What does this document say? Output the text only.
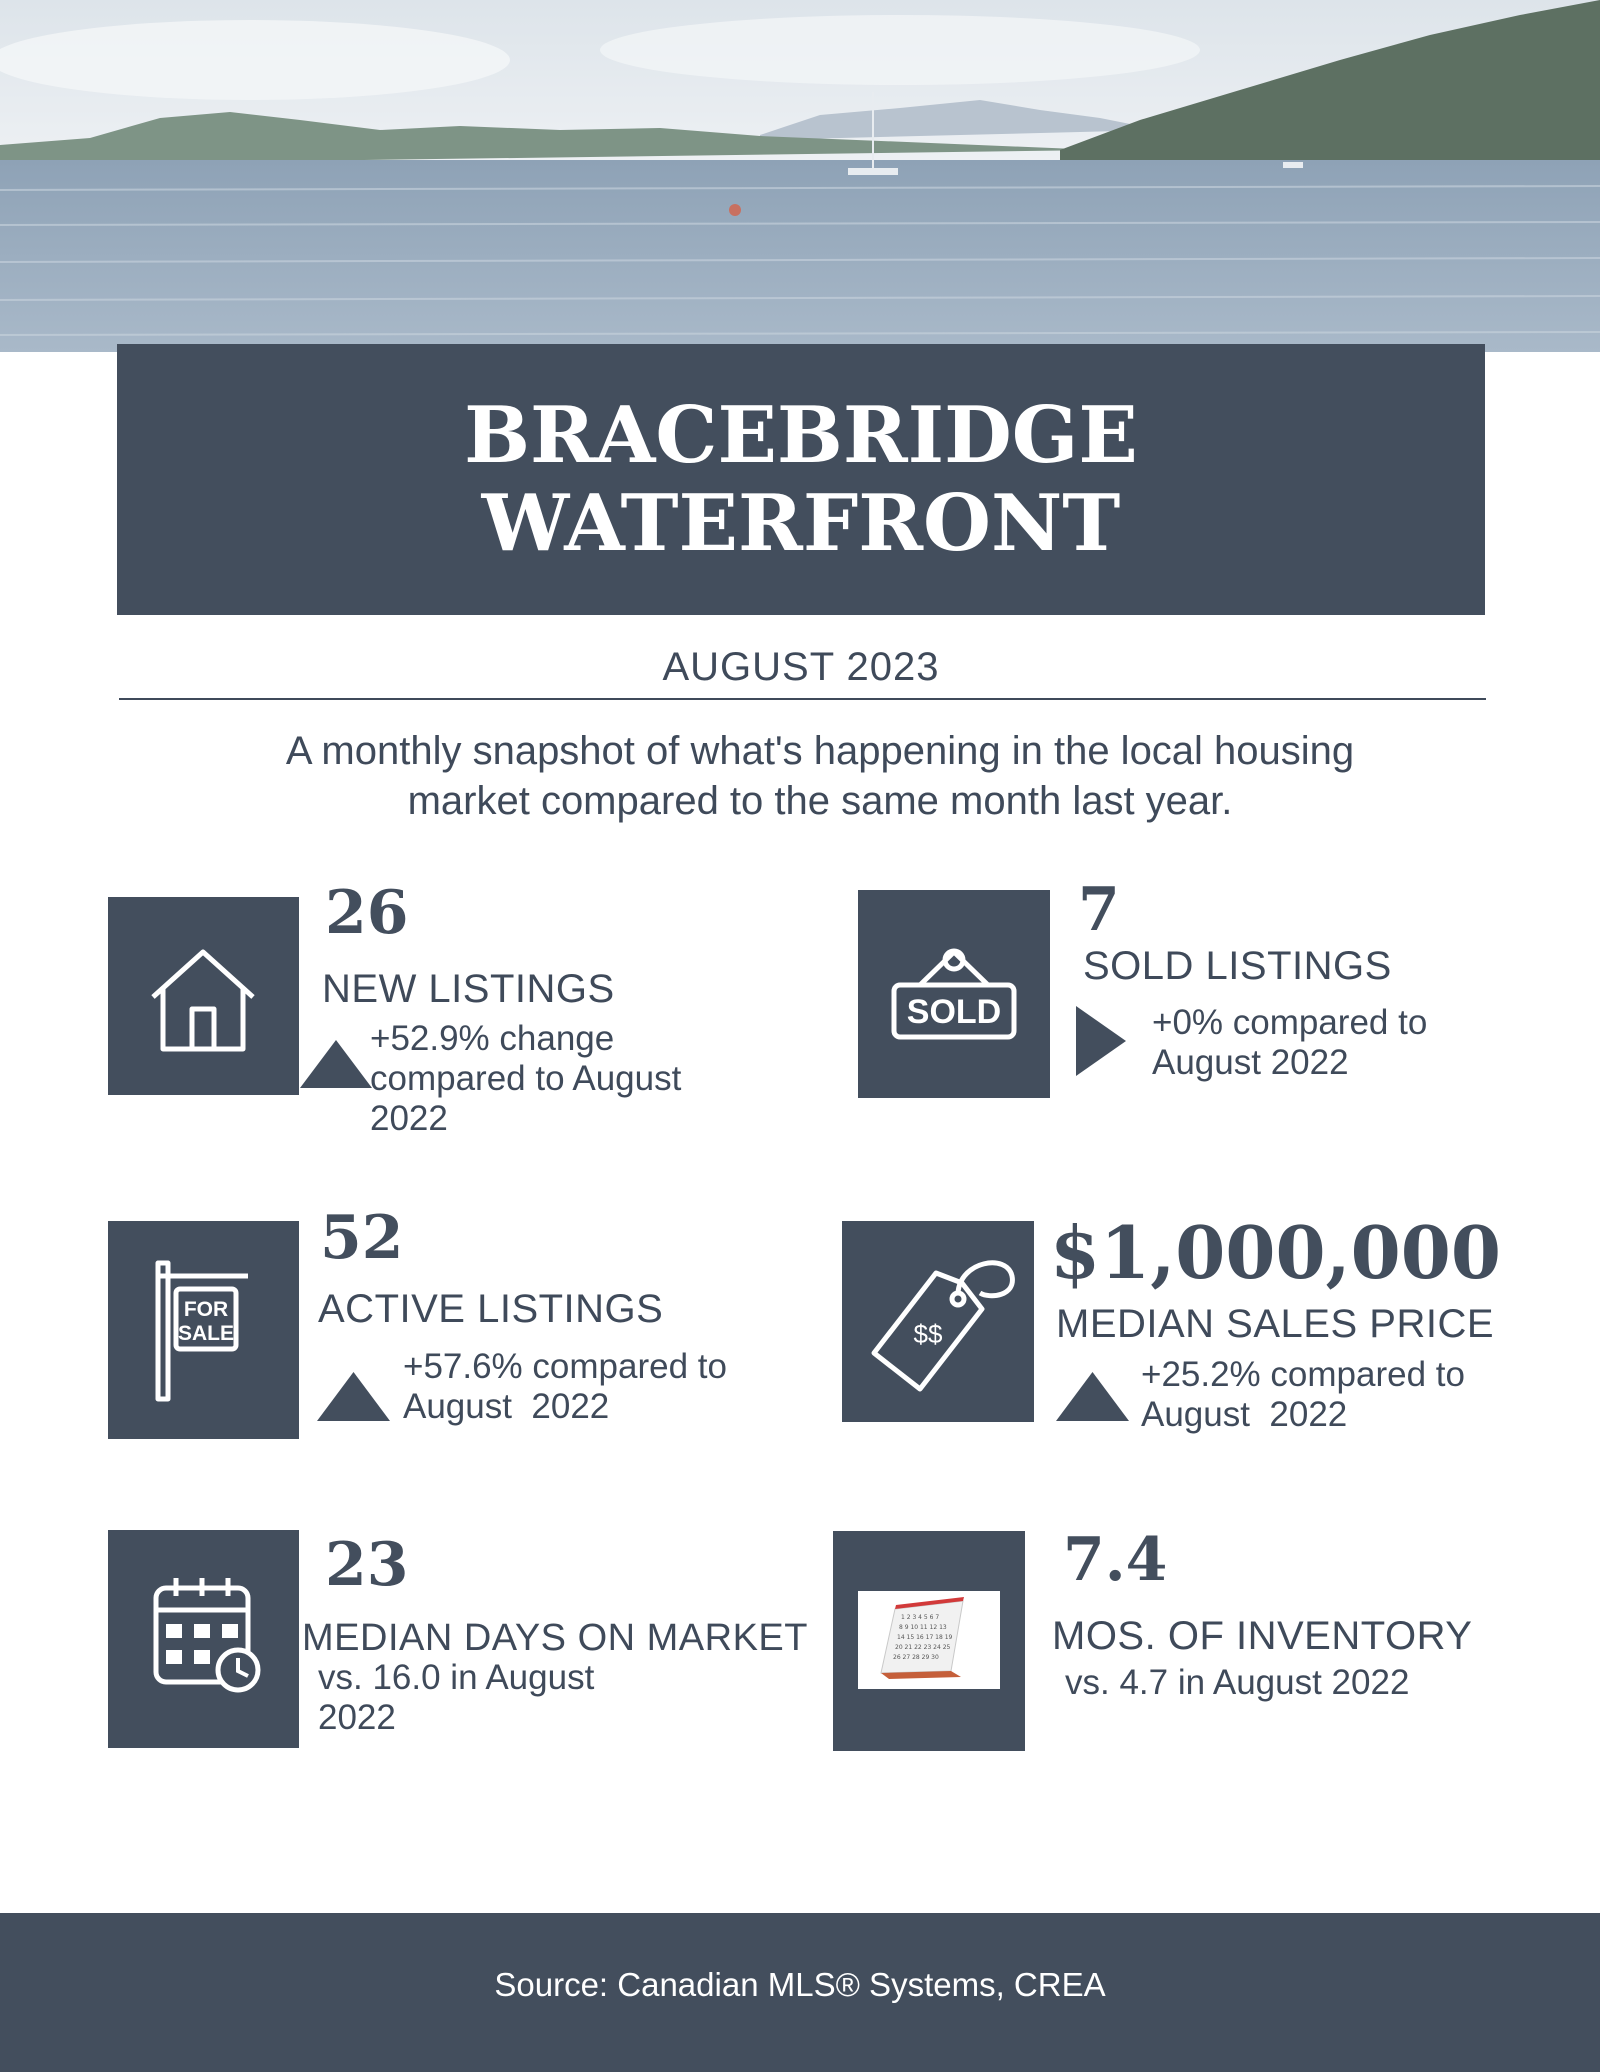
BRACEBRIDGE
WATERFRONT
AUGUST 2023
A monthly snapshot of what's happening in the local housing
market compared to the same month last year.
26
NEW LISTINGS
+52.9% change
compared to August
2022
SOLD
7
SOLD LISTINGS
+0% compared to
August 2022
FOR
SALE
52
ACTIVE LISTINGS
+57.6% compared to
August  2022
$$
$1,000,000
MEDIAN SALES PRICE
+25.2% compared to
August  2022
23
MEDIAN DAYS ON MARKET
vs. 16.0 in August
2022
1 2 3 4 5 6 7
8 9 10 11 12 13
14 15 16 17 18 19
20 21 22 23 24 25
26 27 28 29 30
7.4
MOS. OF INVENTORY
vs. 4.7 in August 2022
Source: Canadian MLS® Systems, CREA
